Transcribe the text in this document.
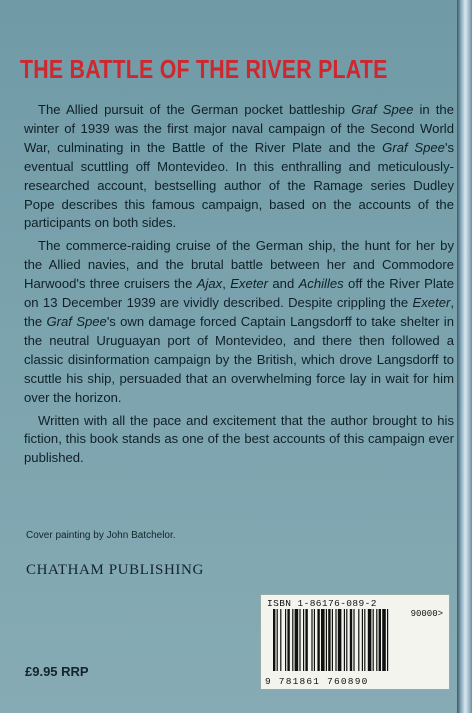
THE BATTLE OF THE RIVER PLATE

The Allied pursuit of the German pocket battleship Graf Spee in the winter of 1939 was the first major naval campaign of the Second World War, culminating in the Battle of the River Plate and the Graf Spee's eventual scuttling off Montevideo. In this enthralling and meticulously-researched account, bestselling author of the Ramage series Dudley Pope describes this famous campaign, based on the accounts of the participants on both sides.

The commerce-raiding cruise of the German ship, the hunt for her by the Allied navies, and the brutal battle between her and Commodore Harwood's three cruisers the Ajax, Exeter and Achilles off the River Plate on 13 December 1939 are vividly described. Despite crippling the Exeter, the Graf Spee's own damage forced Captain Langsdorff to take shelter in the neutral Uruguayan port of Montevideo, and there then followed a classic disinformation campaign by the British, which drove Langsdorff to scuttle his ship, persuaded that an overwhelming force lay in wait for him over the horizon.

Written with all the pace and excitement that the author brought to his fiction, this book stands as one of the best accounts of this campaign ever published.

Cover painting by John Batchelor.
CHATHAM PUBLISHING
£9.95 RRP
ISBN 1-86176-089-2
90000>
9 781861 760890
